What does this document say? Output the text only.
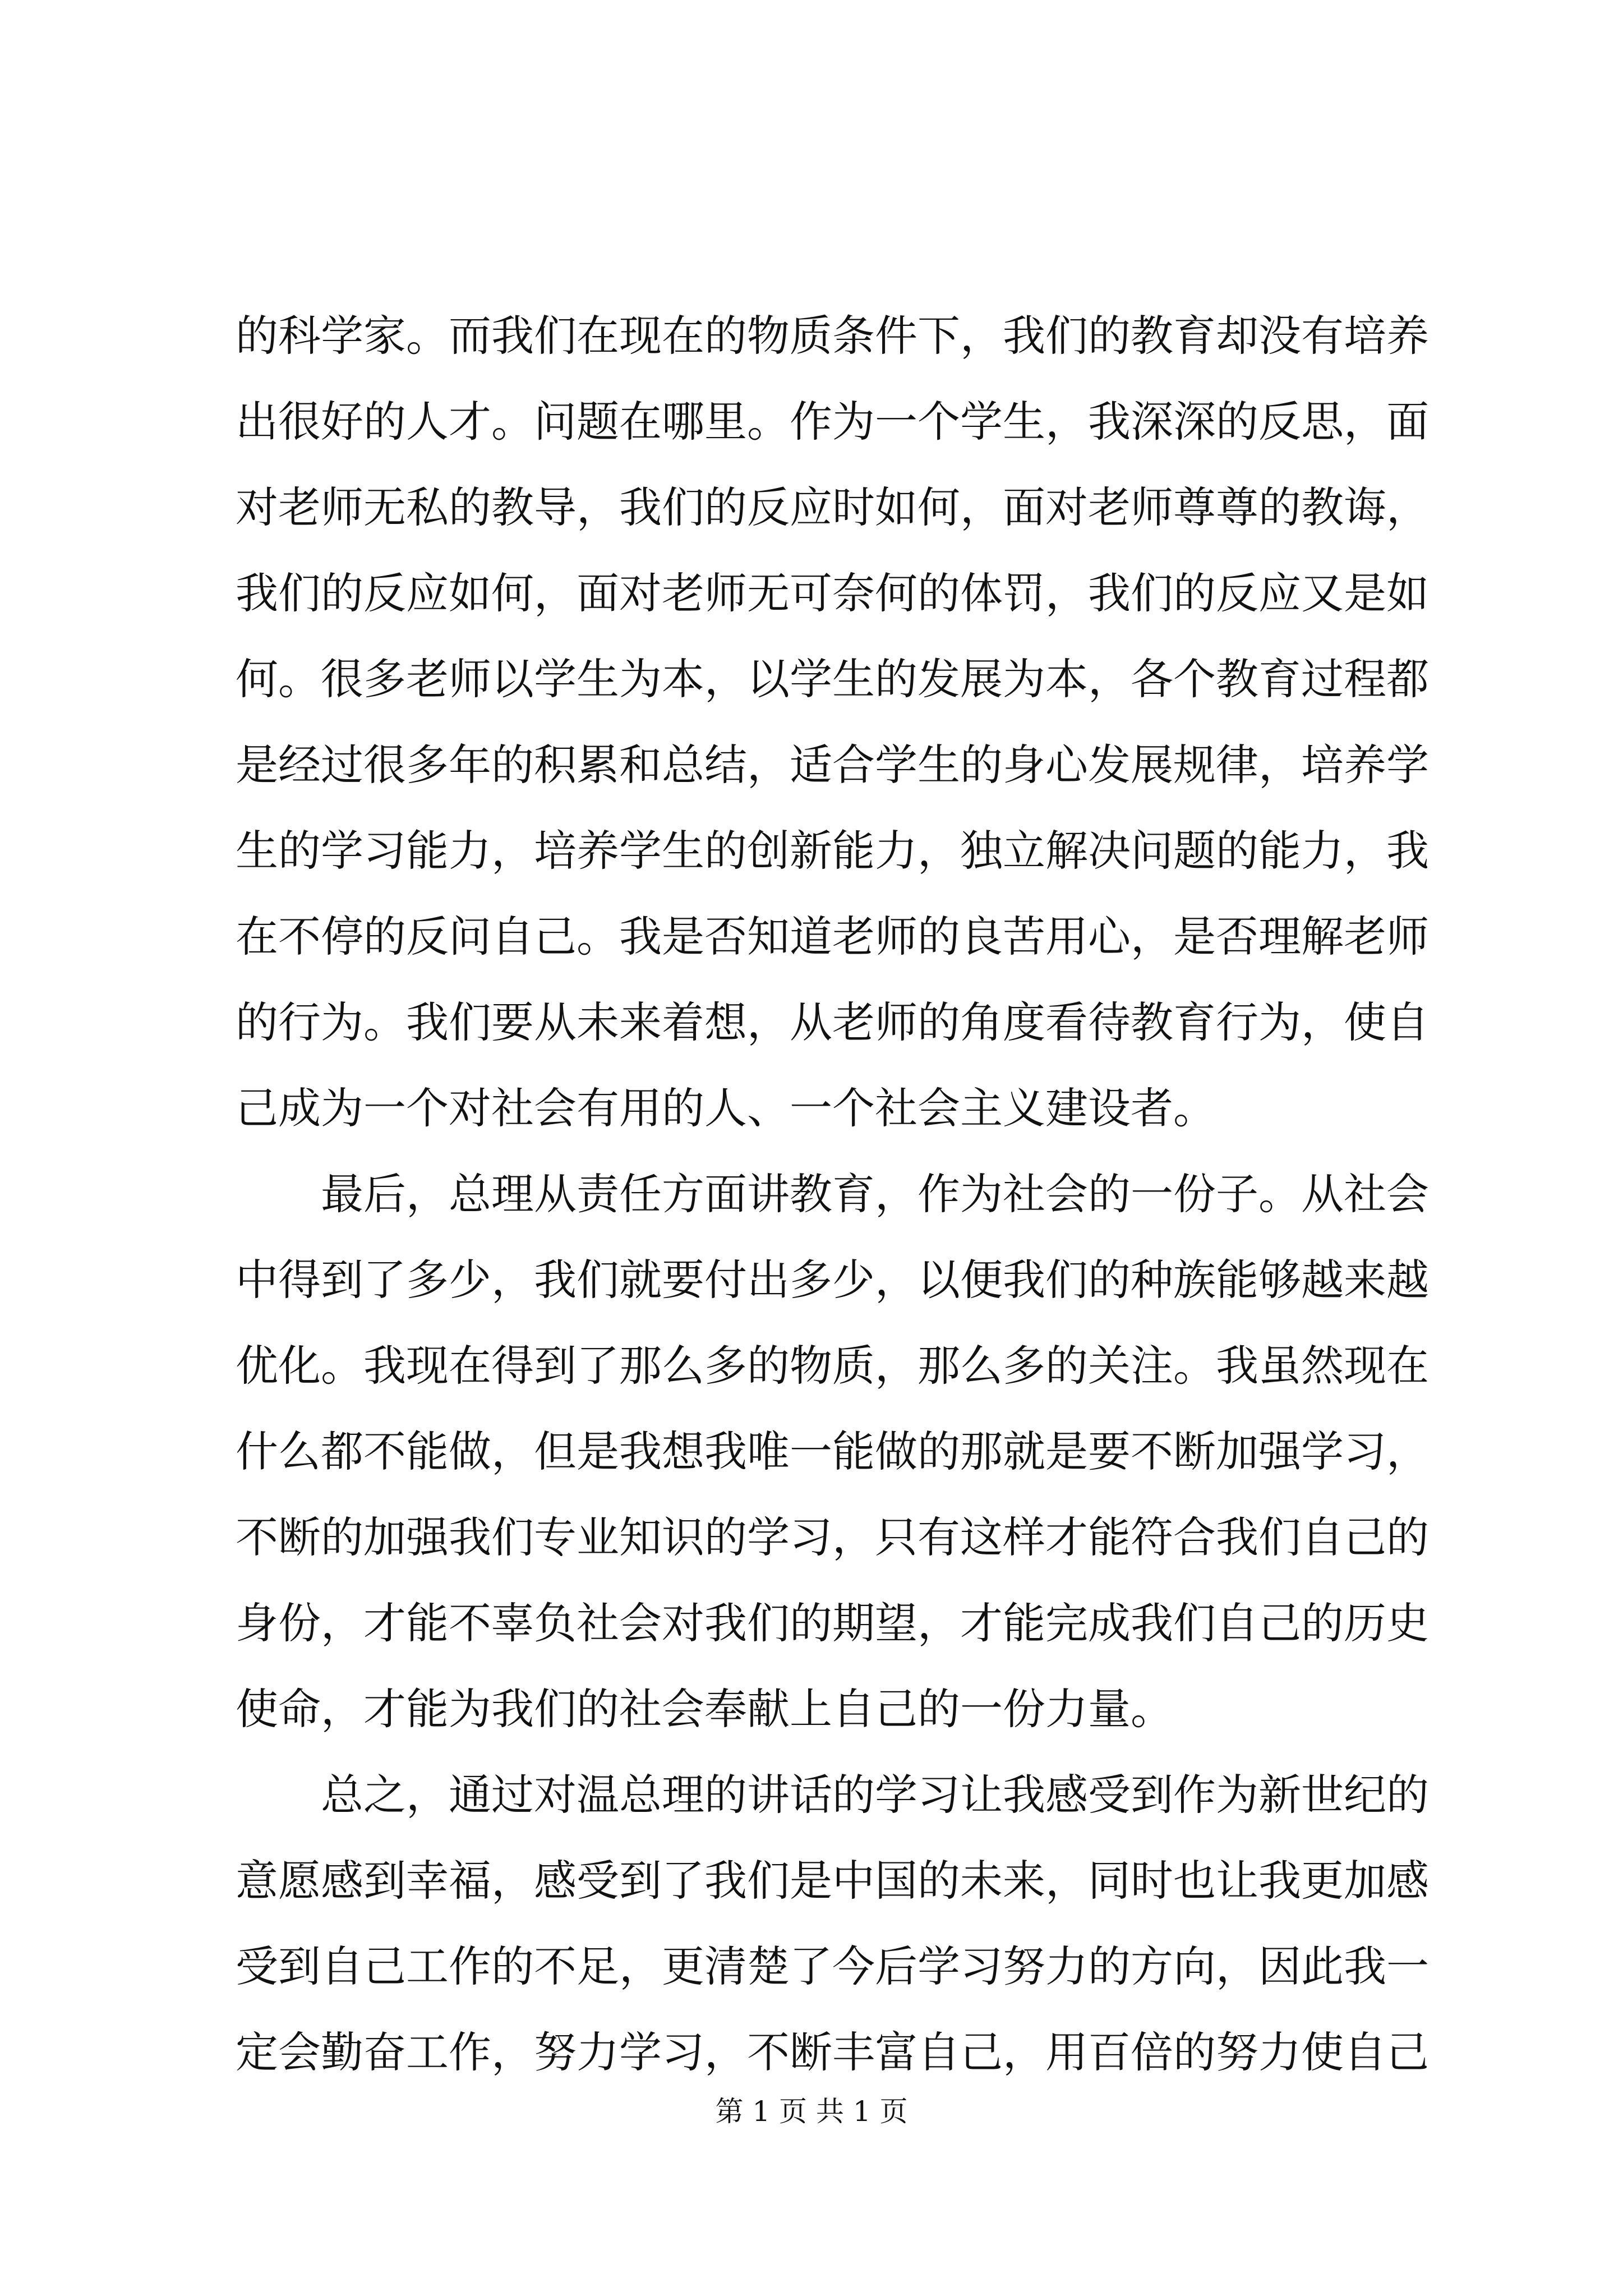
的科学家。而我们在现在的物质条件下，我们的教育却没有培养
出很好的人才。问题在哪里。作为一个学生，我深深的反思，面
对老师无私的教导，我们的反应时如何，面对老师尊尊的教诲，
我们的反应如何，面对老师无可奈何的体罚，我们的反应又是如
何。很多老师以学生为本，以学生的发展为本，各个教育过程都
是经过很多年的积累和总结，适合学生的身心发展规律，培养学
生的学习能力，培养学生的创新能力，独立解决问题的能力，我
在不停的反问自己。我是否知道老师的良苦用心，是否理解老师
的行为。我们要从未来着想，从老师的角度看待教育行为，使自
己成为一个对社会有用的人、一个社会主义建设者。
最后，总理从责任方面讲教育，作为社会的一份子。从社会
中得到了多少，我们就要付出多少，以便我们的种族能够越来越
优化。我现在得到了那么多的物质，那么多的关注。我虽然现在
什么都不能做，但是我想我唯一能做的那就是要不断加强学习，
不断的加强我们专业知识的学习，只有这样才能符合我们自己的
身份，才能不辜负社会对我们的期望，才能完成我们自己的历史
使命，才能为我们的社会奉献上自己的一份力量。
总之，通过对温总理的讲话的学习让我感受到作为新世纪的
意愿感到幸福，感受到了我们是中国的未来，同时也让我更加感
受到自己工作的不足，更清楚了今后学习努力的方向，因此我一
定会勤奋工作，努力学习，不断丰富自己，用百倍的努力使自己
第 1 页 共 1 页
